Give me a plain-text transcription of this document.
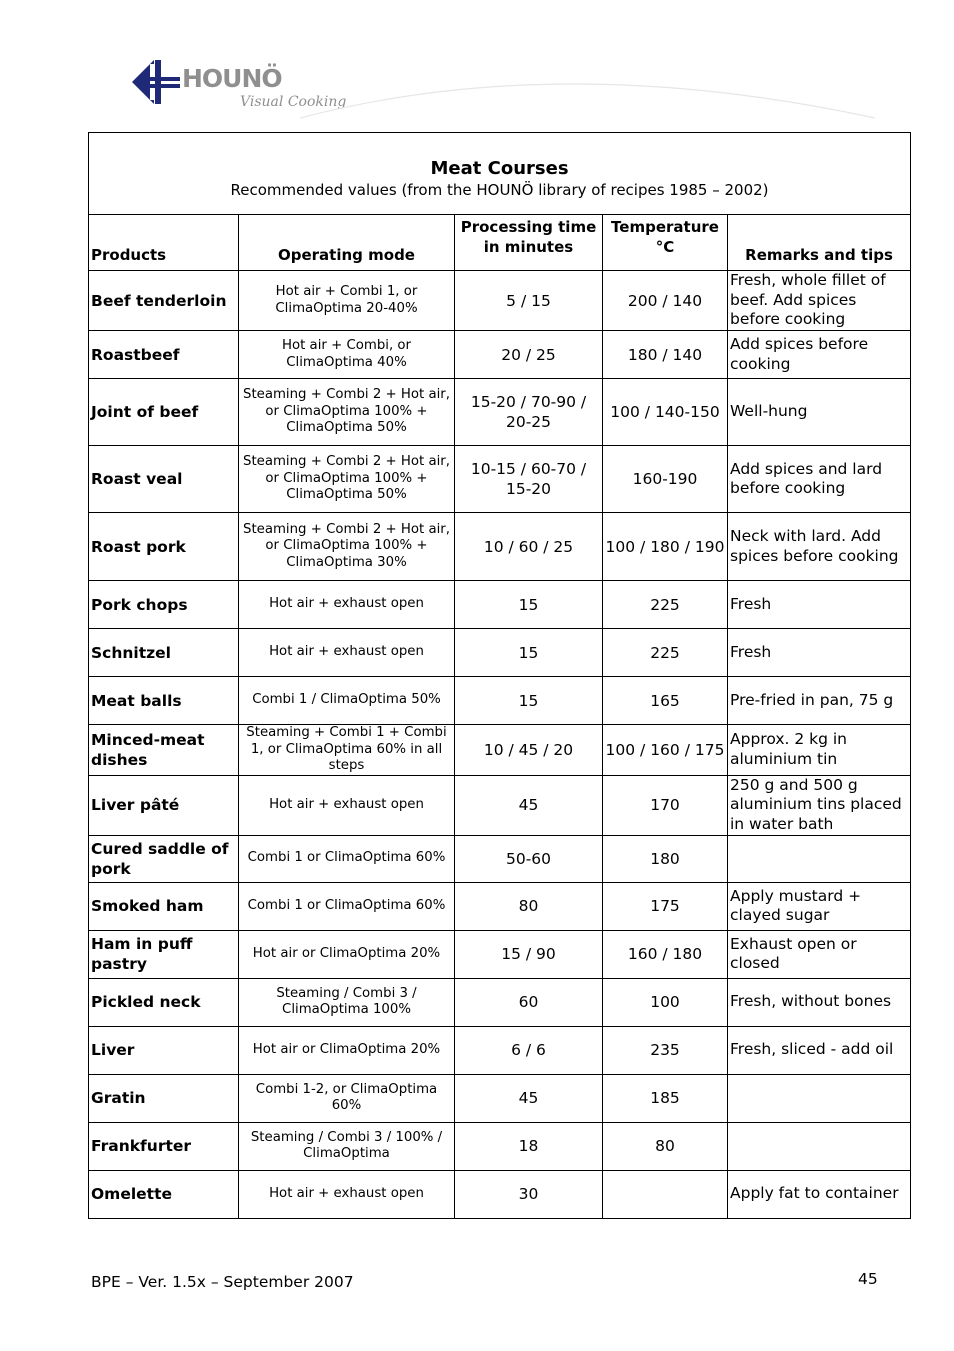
HOUNÖ
Visual Cooking
Meat Courses
Recommended values (from the HOUNÖ library of recipes 1985 – 2002)				

Products	Operating mode	Processing time in minutes	Temperature °C	Remarks and tips
Beef tenderloin	Hot air + Combi 1, or ClimaOptima 20-40%	5 / 15	200 / 140	Fresh, whole fillet of beef. Add spices before cooking
Roastbeef	Hot air + Combi, or ClimaOptima 40%	20 / 25	180 / 140	Add spices before cooking
Joint of beef	Steaming + Combi 2 + Hot air, or ClimaOptima 100% + ClimaOptima 50%	15-20 / 70-90 / 20-25	100 / 140-150	Well-hung
Roast veal	Steaming + Combi 2 + Hot air, or ClimaOptima 100% + ClimaOptima 50%	10-15 / 60-70 / 15-20	160-190	Add spices and lard before cooking
Roast pork	Steaming + Combi 2 + Hot air, or ClimaOptima 100% + ClimaOptima 30%	10 / 60 / 25	100 / 180 / 190	Neck with lard. Add spices before cooking
Pork chops	Hot air + exhaust open	15	225	Fresh
Schnitzel	Hot air + exhaust open	15	225	Fresh
Meat balls	Combi 1 / ClimaOptima 50%	15	165	Pre-fried in pan, 75 g
Minced-meat dishes	Steaming + Combi 1 + Combi 1, or ClimaOptima 60% in all steps	10 / 45 / 20	100 / 160 / 175	Approx. 2 kg in aluminium tin
Liver pâté	Hot air + exhaust open	45	170	250 g and 500 g aluminium tins placed in water bath
Cured saddle of pork	Combi 1 or ClimaOptima 60%	50-60	180	
Smoked ham	Combi 1 or ClimaOptima 60%	80	175	Apply mustard + clayed sugar
Ham in puff pastry	Hot air or ClimaOptima 20%	15 / 90	160 / 180	Exhaust open or closed
Pickled neck	Steaming / Combi 3 / ClimaOptima 100%	60	100	Fresh, without bones
Liver	Hot air or ClimaOptima 20%	6 / 6	235	Fresh, sliced - add oil
Gratin	Combi 1-2, or ClimaOptima 60%	45	185	
Frankfurter	Steaming / Combi 3 / 100% / ClimaOptima	18	80	
Omelette	Hot air + exhaust open	30		Apply fat to container
BPE – Ver. 1.5x – September 2007	45
